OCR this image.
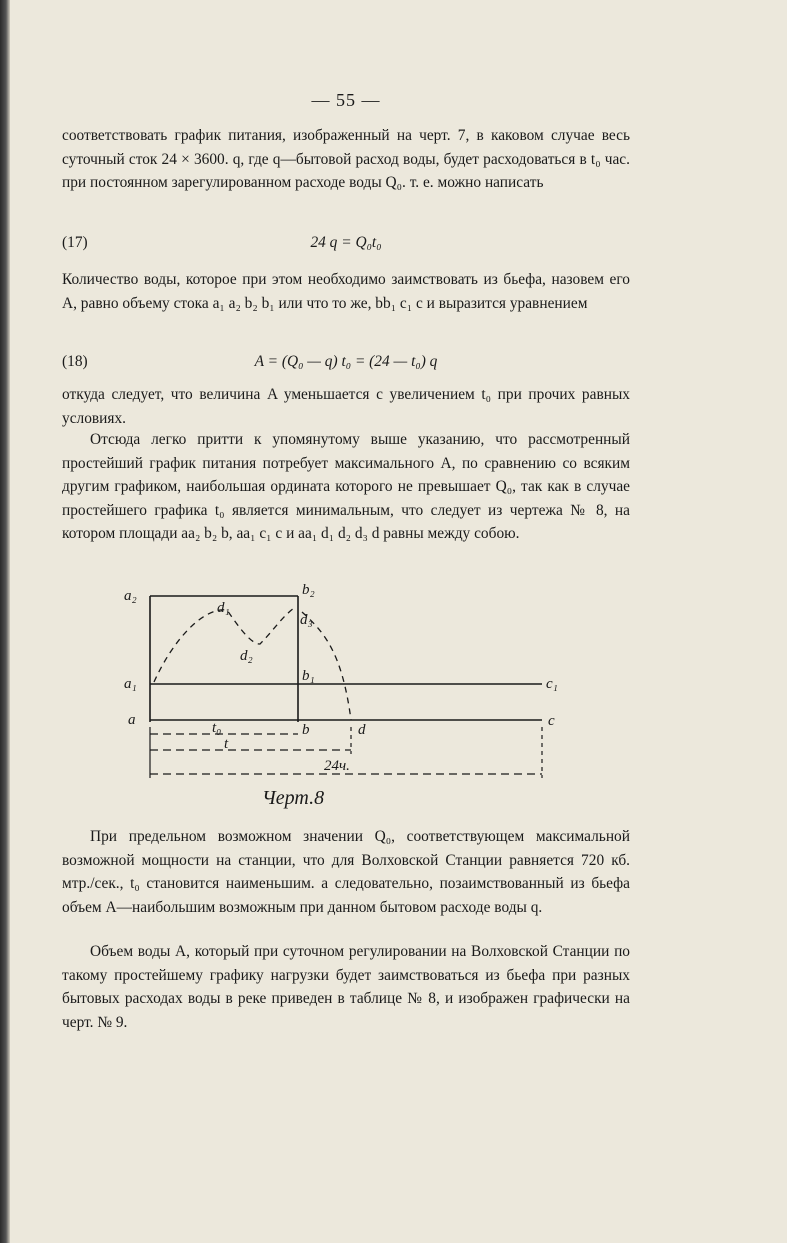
— 55 —

соответствовать график питания, изображенный на черт. 7, в каковом случае весь суточный сток 24 × 3600. q, где q—бытовой расход воды, будет расходоваться в t₀ час. при постоянном зарегулированном расходе воды Q₀. т. е. можно написать

(17)	24 q = Q₀t₀

Количество воды, которое при этом необходимо заимствовать из бьефа, назовем его A, равно объему стока a₁ a₂ b₂ b₁ или что то же, bb₁ c₁ c и выразится уравнением

(18)	A = (Q₀ — q) t₀ = (24 — t₀) q

откуда следует, что величина A уменьшается с увеличением t₀ при прочих равных условиях.

Отсюда легко притти к упомянутому выше указанию, что рассмотренный простейший график питания потребует максимального A, по сравнению со всяким другим графиком, наибольшая ордината которого не превышает Q₀, так как в случае простейшего графика t₀ является минимальным, что следует из чертежа № 8, на котором площади aa₂ b₂ b, aa₁ c₁ c и aa₁ d₁ d₂ d₃ d равны между собою.

При предельном возможном значении Q₀, соответствующем максимальной возможной мощности на станции, что для Волховской Станции равняется 720 кб. мтр./сек., t₀ становится наименьшим. а следовательно, позаимствованный из бьефа объем A—наибольшим возможным при данном бытовом расходе воды q.

Объем воды A, который при суточном регулировании на Волховской Станции по такому простейшему графику нагрузки будет заимствоваться из бьефа при разных бытовых расходах воды в реке приведен в таблице № 8, и изображен графически на черт. № 9.

a₂	b₂
d₁
d₃
d₂
a₁	b₁	c₁
a
b	d
c
t₀
t
24ч.
Черт.8
